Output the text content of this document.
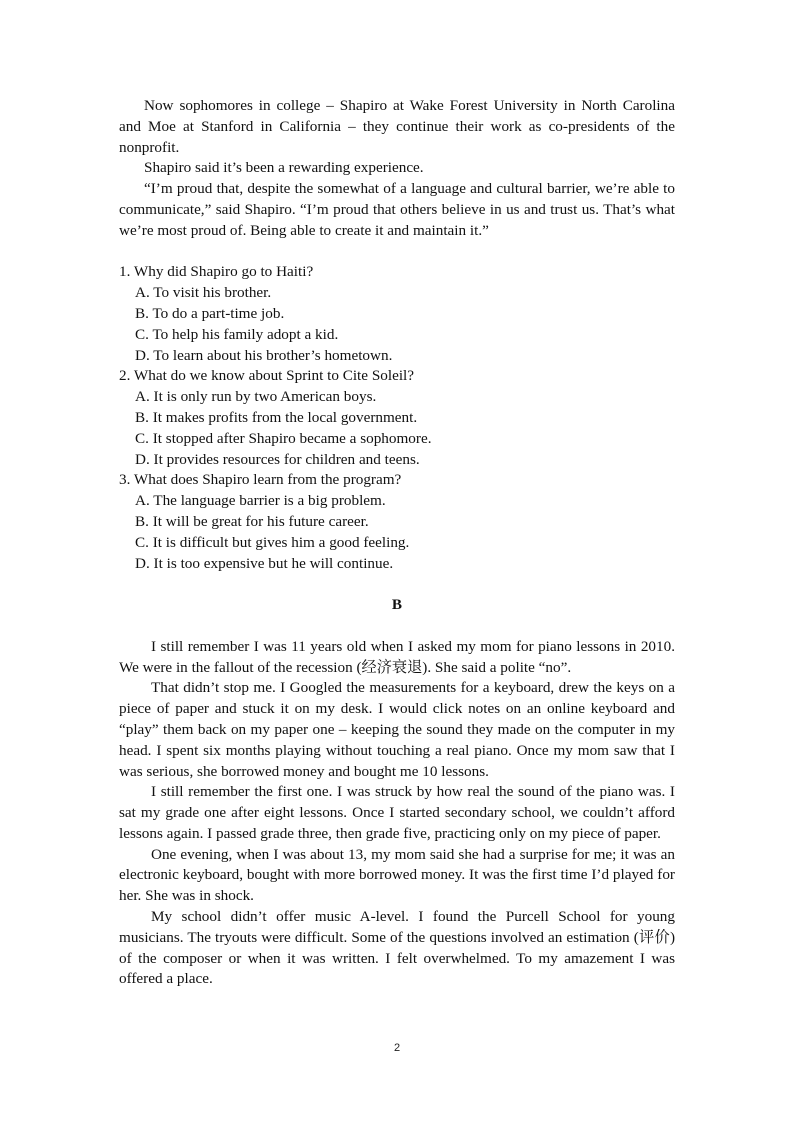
Now sophomores in college – Shapiro at Wake Forest University in North Carolina and Moe at Stanford in California – they continue their work as co-presidents of the nonprofit.

Shapiro said it’s been a rewarding experience.

“I’m proud that, despite the somewhat of a language and cultural barrier, we’re able to communicate,” said Shapiro. “I’m proud that others believe in us and trust us. That’s what we’re most proud of. Being able to create it and maintain it.”

1. Why did Shapiro go to Haiti?

A. To visit his brother.

B. To do a part-time job.

C. To help his family adopt a kid.

D. To learn about his brother’s hometown.

2. What do we know about Sprint to Cite Soleil?

A. It is only run by two American boys.

B. It makes profits from the local government.

C. It stopped after Shapiro became a sophomore.

D. It provides resources for children and teens.

3. What does Shapiro learn from the program?

A. The language barrier is a big problem.

B. It will be great for his future career.

C. It is difficult but gives him a good feeling.

D. It is too expensive but he will continue.

B

I still remember I was 11 years old when I asked my mom for piano lessons in 2010. We were in the fallout of the recession (经济衰退). She said a polite “no”.

That didn’t stop me. I Googled the measurements for a keyboard, drew the keys on a piece of paper and stuck it on my desk. I would click notes on an online keyboard and “play” them back on my paper one – keeping the sound they made on the computer in my head. I spent six months playing without touching a real piano. Once my mom saw that I was serious, she borrowed money and bought me 10 lessons.

I still remember the first one. I was struck by how real the sound of the piano was. I sat my grade one after eight lessons. Once I started secondary school, we couldn’t afford lessons again. I passed grade three, then grade five, practicing only on my piece of paper.

One evening, when I was about 13, my mom said she had a surprise for me; it was an electronic keyboard, bought with more borrowed money. It was the first time I’d played for her. She was in shock.

My school didn’t offer music A-level. I found the Purcell School for young musicians. The tryouts were difficult. Some of the questions involved an estimation (评价) of the composer or when it was written. I felt overwhelmed. To my amazement I was offered a place.

2
